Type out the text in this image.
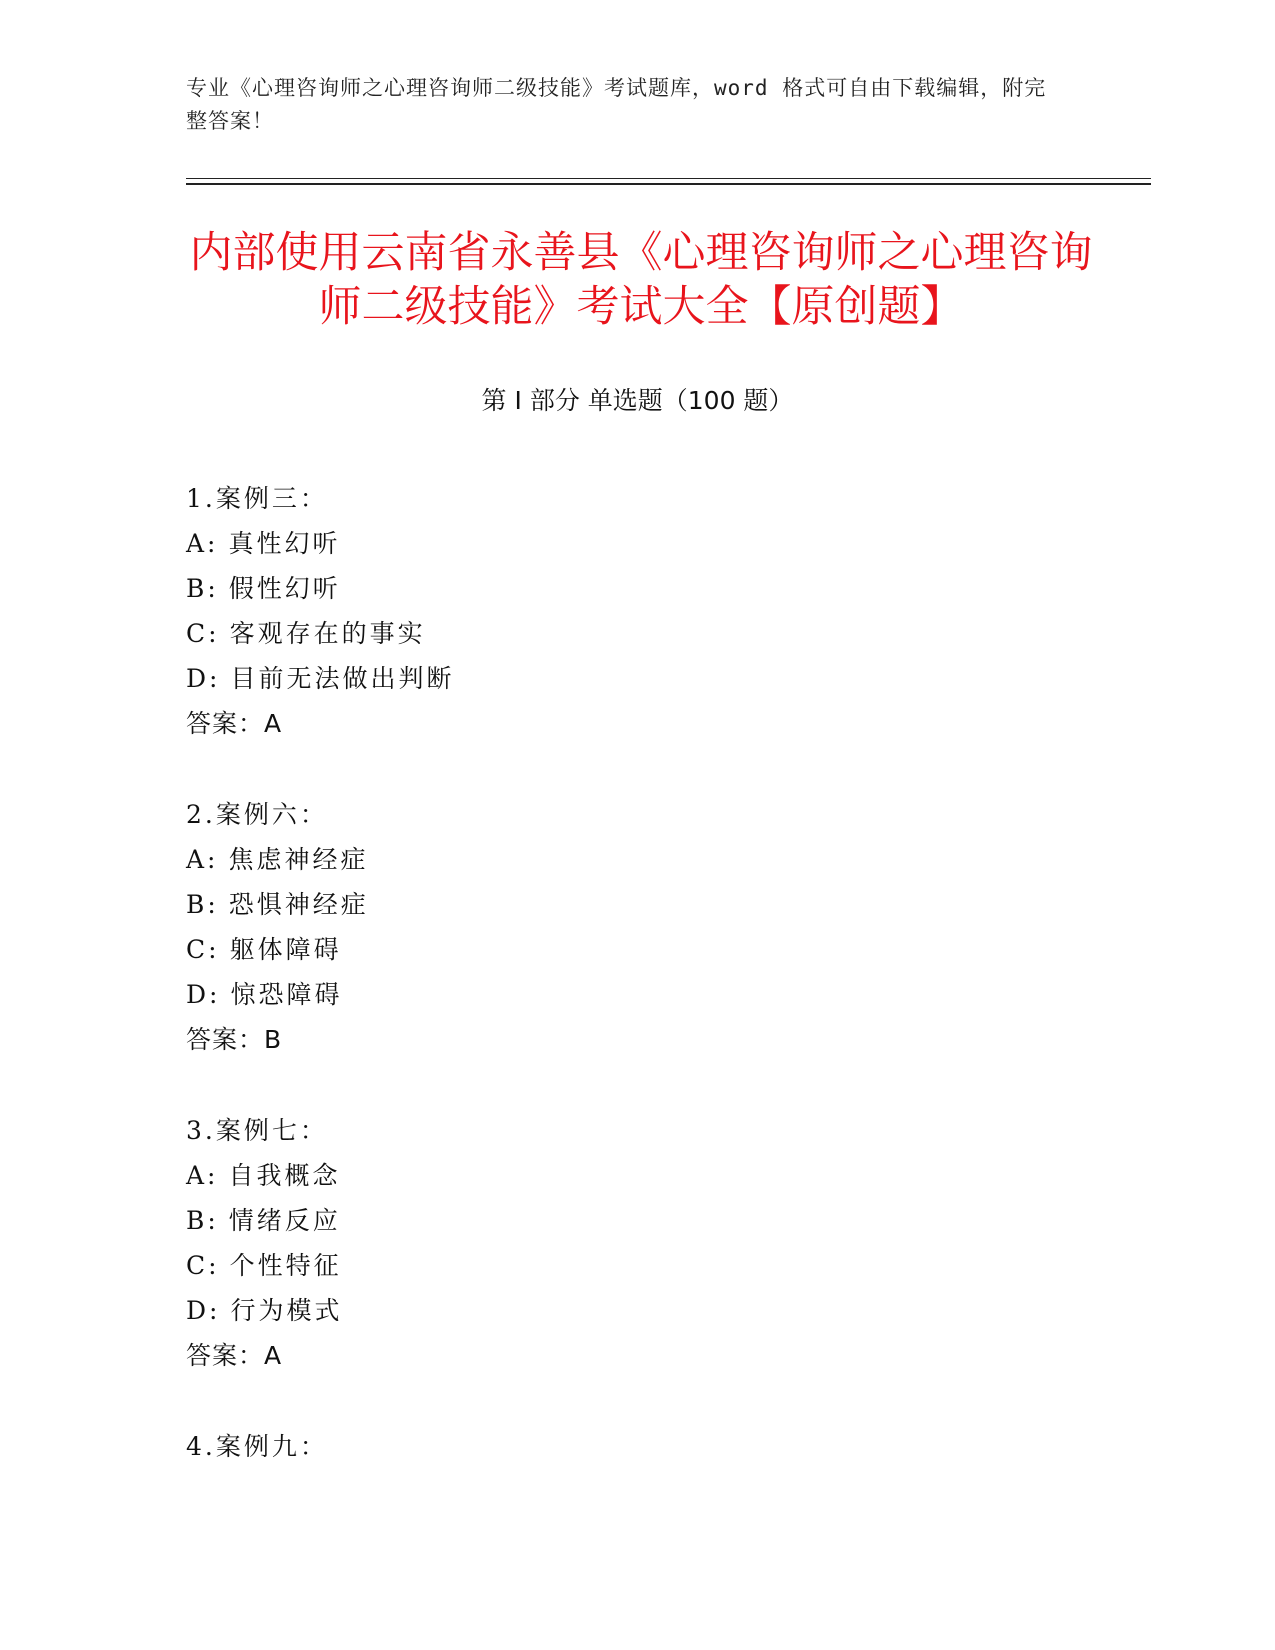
专业《心理咨询师之心理咨询师二级技能》考试题库，word 格式可自由下载编辑，附完整答案！

内部使用云南省永善县《心理咨询师之心理咨询师二级技能》考试大全【原创题】
第 I 部分 单选题（100 题）
1.案例三：
A: 真性幻听
B: 假性幻听
C: 客观存在的事实
D: 目前无法做出判断
答案：A
2.案例六：
A: 焦虑神经症
B: 恐惧神经症
C: 躯体障碍
D: 惊恐障碍
答案：B
3.案例七：
A: 自我概念
B: 情绪反应
C: 个性特征
D: 行为模式
答案：A
4.案例九：
